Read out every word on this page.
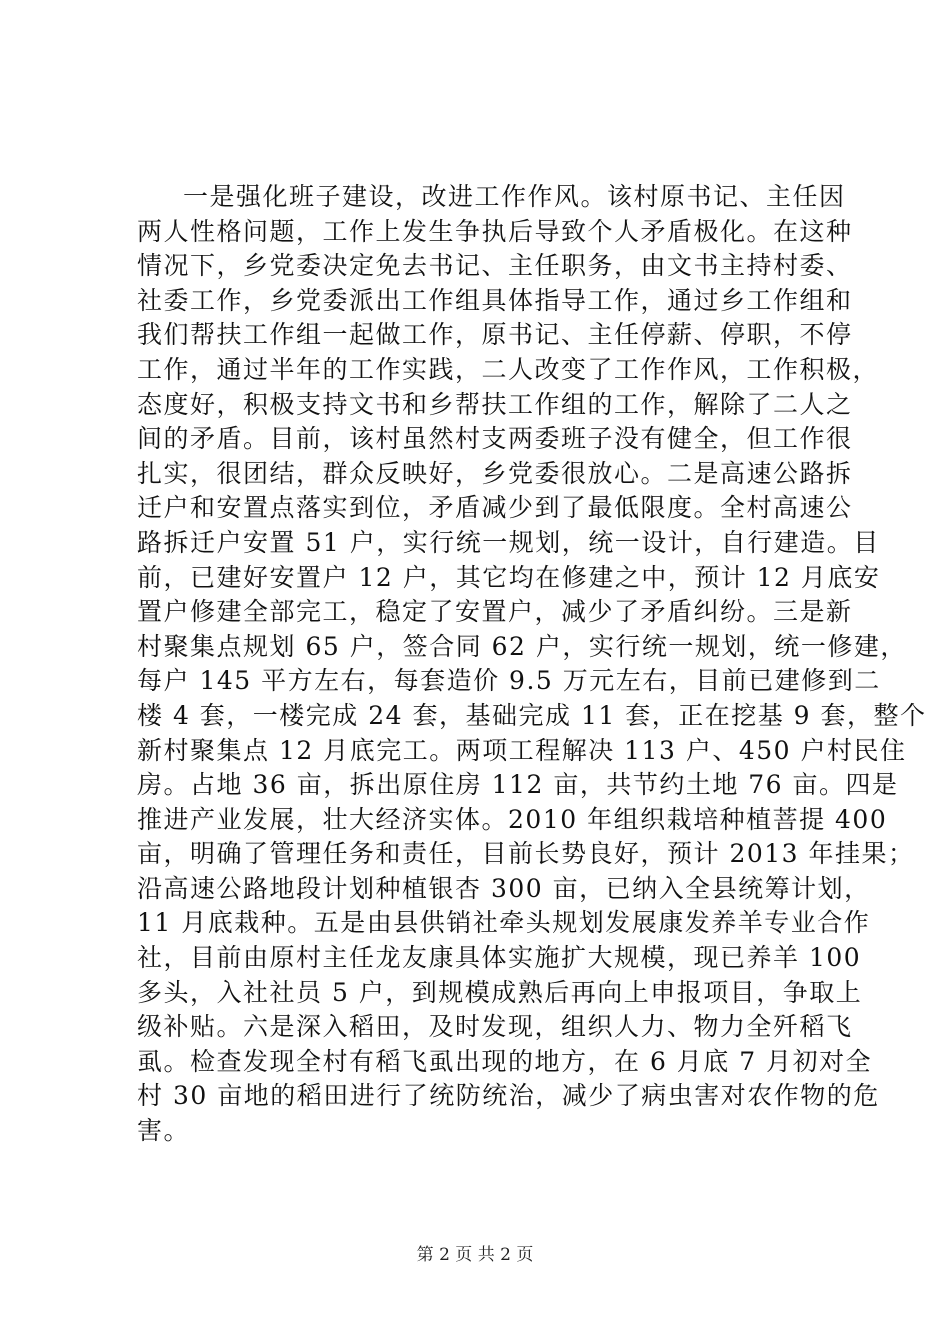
一是强化班子建设，改进工作作风。该村原书记、主任因
两人性格问题，工作上发生争执后导致个人矛盾极化。在这种
情况下，乡党委决定免去书记、主任职务，由文书主持村委、
社委工作，乡党委派出工作组具体指导工作，通过乡工作组和
我们帮扶工作组一起做工作，原书记、主任停薪、停职，不停
工作，通过半年的工作实践，二人改变了工作作风，工作积极，
态度好，积极支持文书和乡帮扶工作组的工作，解除了二人之
间的矛盾。目前，该村虽然村支两委班子没有健全，但工作很
扎实，很团结，群众反映好，乡党委很放心。二是高速公路拆
迁户和安置点落实到位，矛盾减少到了最低限度。全村高速公
路拆迁户安置 51 户，实行统一规划，统一设计，自行建造。目
前，已建好安置户 12 户，其它均在修建之中，预计 12 月底安
置户修建全部完工，稳定了安置户，减少了矛盾纠纷。三是新
村聚集点规划 65 户，签合同 62 户，实行统一规划，统一修建，
每户 145 平方左右，每套造价 9.5 万元左右，目前已建修到二
楼 4 套，一楼完成 24 套，基础完成 11 套，正在挖基 9 套，整个
新村聚集点 12 月底完工。两项工程解决 113 户、450 户村民住
房。占地 36 亩，拆出原住房 112 亩，共节约土地 76 亩。四是
推进产业发展，壮大经济实体。2010 年组织栽培种植菩提 400
亩，明确了管理任务和责任，目前长势良好，预计 2013 年挂果；
沿高速公路地段计划种植银杏 300 亩，已纳入全县统筹计划，
11 月底栽种。五是由县供销社牵头规划发展康发养羊专业合作
社，目前由原村主任龙友康具体实施扩大规模，现已养羊 100
多头，入社社员 5 户，到规模成熟后再向上申报项目，争取上
级补贴。六是深入稻田，及时发现，组织人力、物力全歼稻飞
虱。检查发现全村有稻飞虱出现的地方，在 6 月底 7 月初对全
村 30 亩地的稻田进行了统防统治，减少了病虫害对农作物的危
害。
第 2 页 共 2 页
